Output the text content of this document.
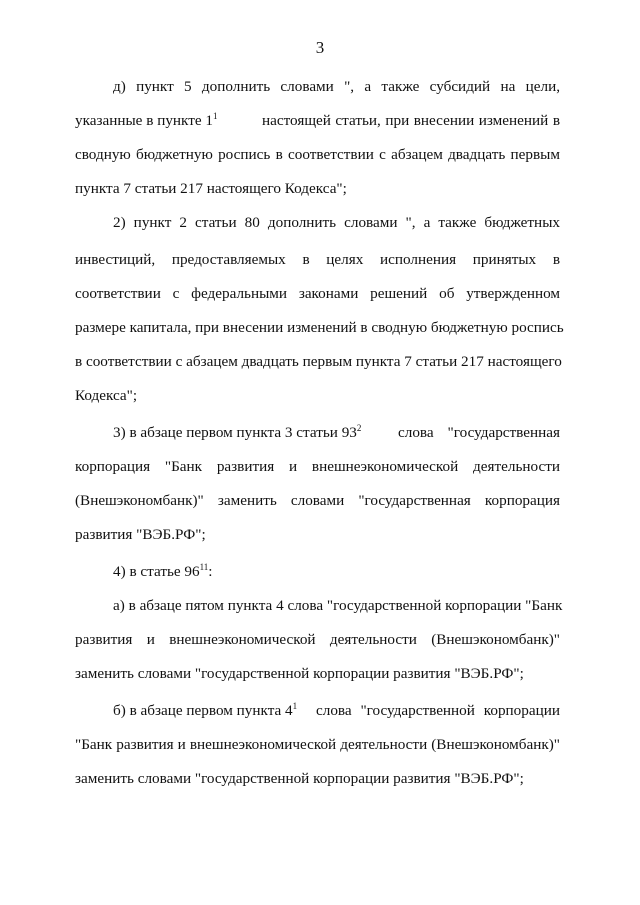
3
д) пункт 5 дополнить словами ", а также субсидий на цели,
указанные в пункте $1^1$	настоящей статьи, при внесении изменений в
сводную бюджетную роспись в соответствии с абзацем двадцать первым
пункта 7 статьи 217 настоящего Кодекса";
2) пункт 2 статьи 80 дополнить словами ", а также бюджетных
инвестиций, предоставляемых в целях исполнения принятых в
соответствии с федеральными законами решений об утвержденном
размере капитала, при внесении изменений в сводную бюджетную роспись
в соответствии с абзацем двадцать первым пункта 7 статьи 217 настоящего
Кодекса";
3) в абзаце первом пункта 3 статьи $93^2$ слова "государственная
корпорация "Банк развития и внешнеэкономической деятельности
(Внешэкономбанк)" заменить словами "государственная корпорация
развития "ВЭБ.РФ";
4) в статье $96^{11}$:
а) в абзаце пятом пункта 4 слова "государственной корпорации "Банк
развития и внешнеэкономической деятельности (Внешэкономбанк)"
заменить словами "государственной корпорации развития "ВЭБ.РФ";
б) в абзаце первом пункта $4^1$ слова "государственной корпорации
"Банк развития и внешнеэкономической деятельности (Внешэкономбанк)"
заменить словами "государственной корпорации развития "ВЭБ.РФ";
